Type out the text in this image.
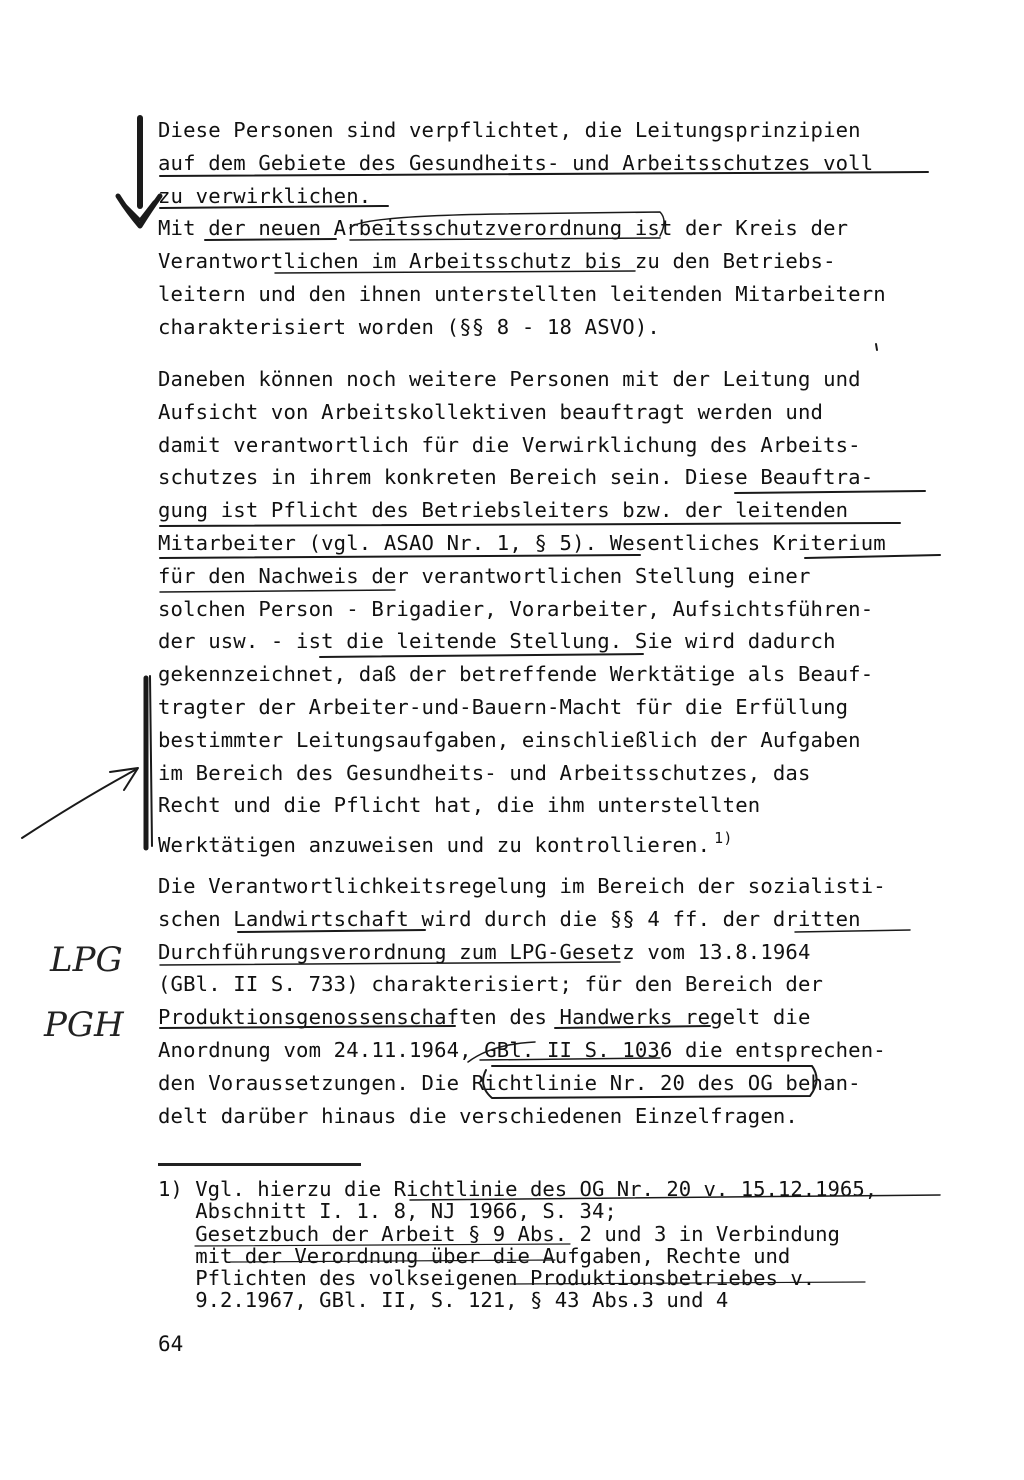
Diese Personen sind verpflichtet, die Leitungsprinzipien
auf dem Gebiete des Gesundheits- und Arbeitsschutzes voll
zu verwirklichen.
Mit der neuen Arbeitsschutzverordnung ist der Kreis der
Verantwortlichen im Arbeitsschutz bis zu den Betriebs-
leitern und den ihnen unterstellten leitenden Mitarbeitern
charakterisiert worden (§§ 8 - 18 ASVO).
Daneben können noch weitere Personen mit der Leitung und
Aufsicht von Arbeitskollektiven beauftragt werden und
damit verantwortlich für die Verwirklichung des Arbeits-
schutzes in ihrem konkreten Bereich sein. Diese Beauftra-
gung ist Pflicht des Betriebsleiters bzw. der leitenden
Mitarbeiter (vgl. ASAO Nr. 1, § 5). Wesentliches Kriterium
für den Nachweis der verantwortlichen Stellung einer
solchen Person - Brigadier, Vorarbeiter, Aufsichtsführen-
der usw. - ist die leitende Stellung. Sie wird dadurch
gekennzeichnet, daß der betreffende Werktätige als Beauf-
tragter der Arbeiter-und-Bauern-Macht für die Erfüllung
bestimmter Leitungsaufgaben, einschließlich der Aufgaben
im Bereich des Gesundheits- und Arbeitsschutzes, das
Recht und die Pflicht hat, die ihm unterstellten
Werktätigen anzuweisen und zu kontrollieren. $^{1)}$
Die Verantwortlichkeitsregelung im Bereich der sozialisti-
schen Landwirtschaft wird durch die §§ 4 ff. der dritten
Durchführungsverordnung zum LPG-Gesetz vom 13.8.1964
(GBl. II S. 733) charakterisiert; für den Bereich der
Produktionsgenossenschaften des Handwerks regelt die
Anordnung vom 24.11.1964, GBl. II S. 1036 die entsprechen-
den Voraussetzungen. Die Richtlinie Nr. 20 des OG behan-
delt darüber hinaus die verschiedenen Einzelfragen.
1) Vgl. hierzu die Richtlinie des OG Nr. 20 v. 15.12.1965,
Abschnitt I. 1. 8, NJ 1966, S. 34;
Gesetzbuch der Arbeit § 9 Abs. 2 und 3 in Verbindung
mit der Verordnung über die Aufgaben, Rechte und
Pflichten des volkseigenen Produktionsbetriebes v.
9.2.1967, GBl. II, S. 121, § 43 Abs.3 und 4
64
LPG
PGH
